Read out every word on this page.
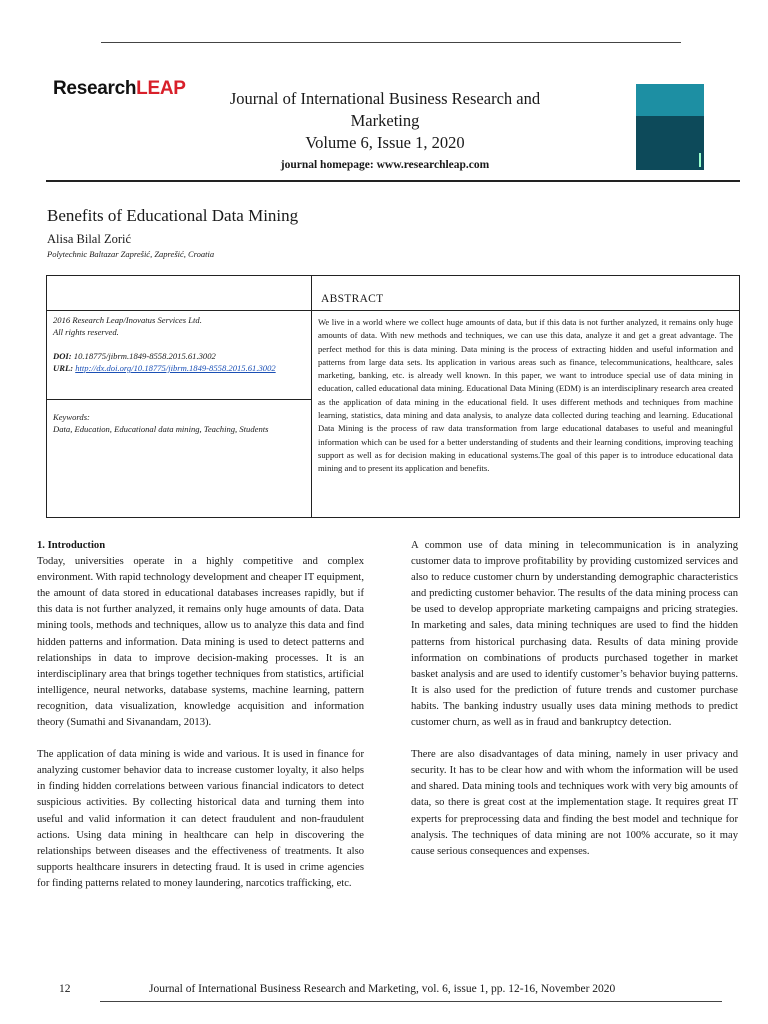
ResearchLEAP	Journal of International Business Research and
Marketing
Volume 6, Issue 1, 2020
journal homepage: www.researchleap.com
Benefits of Educational Data Mining
Alisa Bilal Zorić
Polytechnic Baltazar Zaprešić, Zaprešić, Croatia
2016 Research Leap/Inovatus Services Ltd.
All rights reserved.
DOI: 10.18775/jibrm.1849-8558.2015.61.3002
URL: http://dx.doi.org/10.18775/jibrm.1849-8558.2015.61.3002
Keywords:
Data, Education, Educational data mining, Teaching, Students
ABSTRACT
We live in a world where we collect huge amounts of data, but if this data is not further analyzed, it remains only huge amounts of data. With new methods and techniques, we can use this data, analyze it and get a great advantage. The perfect method for this is data mining. Data mining is the process of extracting hidden and useful information and patterns from large data sets. Its application in various areas such as finance, telecommunications, healthcare, sales marketing, banking, etc. is already well known. In this paper, we want to introduce special use of data mining in education, called educational data mining. Educational Data Mining (EDM) is an interdisciplinary research area created as the application of data mining in the educational field. It uses different methods and techniques from machine learning, statistics, data mining and data analysis, to analyze data collected during teaching and learning. Educational Data Mining is the process of raw data transformation from large educational databases to useful and meaningful information which can be used for a better understanding of students and their learning conditions, improving teaching support as well as for decision making in educational systems.The goal of this paper is to introduce educational data mining and to present its application and benefits.
1. Introduction

Today, universities operate in a highly competitive and complex environment. With rapid technology development and cheaper IT equipment, the amount of data stored in educational databases increases rapidly, but if this data is not further analyzed, it remains only huge amounts of data. Data mining tools, methods and techniques, allow us to analyze this data and find hidden patterns and information. Data mining is used to detect patterns and relationships in data to improve decision-making processes. It is an interdisciplinary area that brings together techniques from statistics, artificial intelligence, neural networks, database systems, machine learning, pattern recognition, data visualization, knowledge acquisition and information theory (Sumathi and Sivanandam, 2013).

The application of data mining is wide and various. It is used in finance for analyzing customer behavior data to increase customer loyalty, it also helps in finding hidden correlations between various financial indicators to detect suspicious activities. By collecting historical data and turning them into useful and valid information it can detect fraudulent and non-fraudulent actions. Using data mining in healthcare can help in discovering the relationships between diseases and the effectiveness of treatments. It also supports healthcare insurers in detecting fraud. It is used in crime agencies for finding patterns related to money laundering, narcotics trafficking, etc.

A common use of data mining in telecommunication is in analyzing customer data to improve profitability by providing customized services and also to reduce customer churn by understanding demographic characteristics and predicting customer behavior. The results of the data mining process can be used to develop appropriate marketing campaigns and pricing strategies. In marketing and sales, data mining techniques are used to find the hidden patterns from historical purchasing data. Results of data mining provide information on combinations of products purchased together in market basket analysis and are used to identify customer’s behavior buying patterns. It is also used for the prediction of future trends and customer purchase habits. The banking industry usually uses data mining methods to predict customer churn, as well as in fraud and bankruptcy detection.

There are also disadvantages of data mining, namely in user privacy and security. It has to be clear how and with whom the information will be used and shared. Data mining tools and techniques work with very big amounts of data, so there is great cost at the implementation stage. It requires great IT experts for preprocessing data and finding the best model and technique for analysis. The techniques of data mining are not 100% accurate, so it may cause serious consequences and expenses.

12	Journal of International Business Research and Marketing, vol. 6, issue 1, pp. 12-16, November 2020
